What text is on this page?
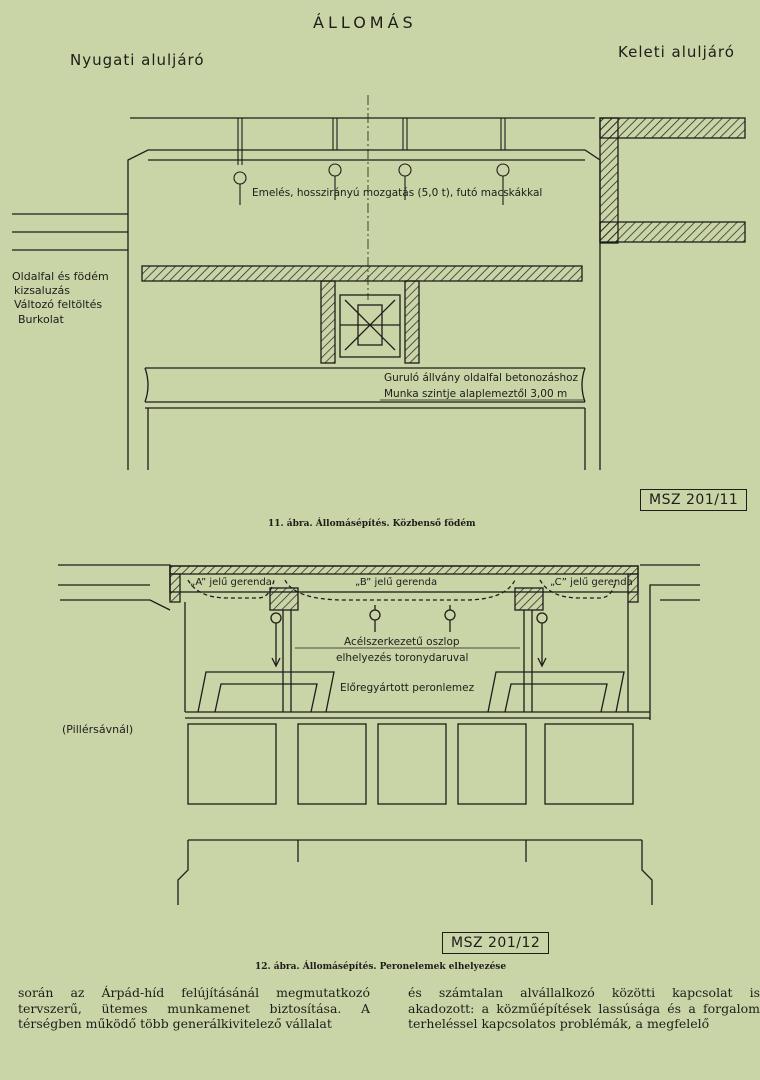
ÁLLOMÁS
Nyugati aluljáró	Keleti aluljáró
Emelés, hosszirányú mozgatás (5,0 t), futó macskákkal
Oldalfal és födém
kizsaluzás
Változó feltöltés
Burkolat
Guruló állvány oldalfal betonozáshoz
Munka szintje alaplemeztől 3,00 m
MSZ 201/11
11. ábra. Állomásépítés. Közbenső födém
„A” jelű gerenda	„B” jelű gerenda	„C” jelű gerenda
Acélszerkezetű oszlop
elhelyezés toronydaruval
Előregyártott peronlemez
(Pillérsávnál)
MSZ 201/12
12. ábra. Állomásépítés. Peronelemek elhelyezése
során az Árpád-híd felújításánál megmutatkozó tervszerű, ütemes munkamenet biztosítása. A térségben működő több generálkivitelező vállalat
és számtalan alvállalkozó közötti kapcsolat is akadozott: a közműépítések lassúsága és a forgalom terheléssel kapcsolatos problémák, a megfelelő
